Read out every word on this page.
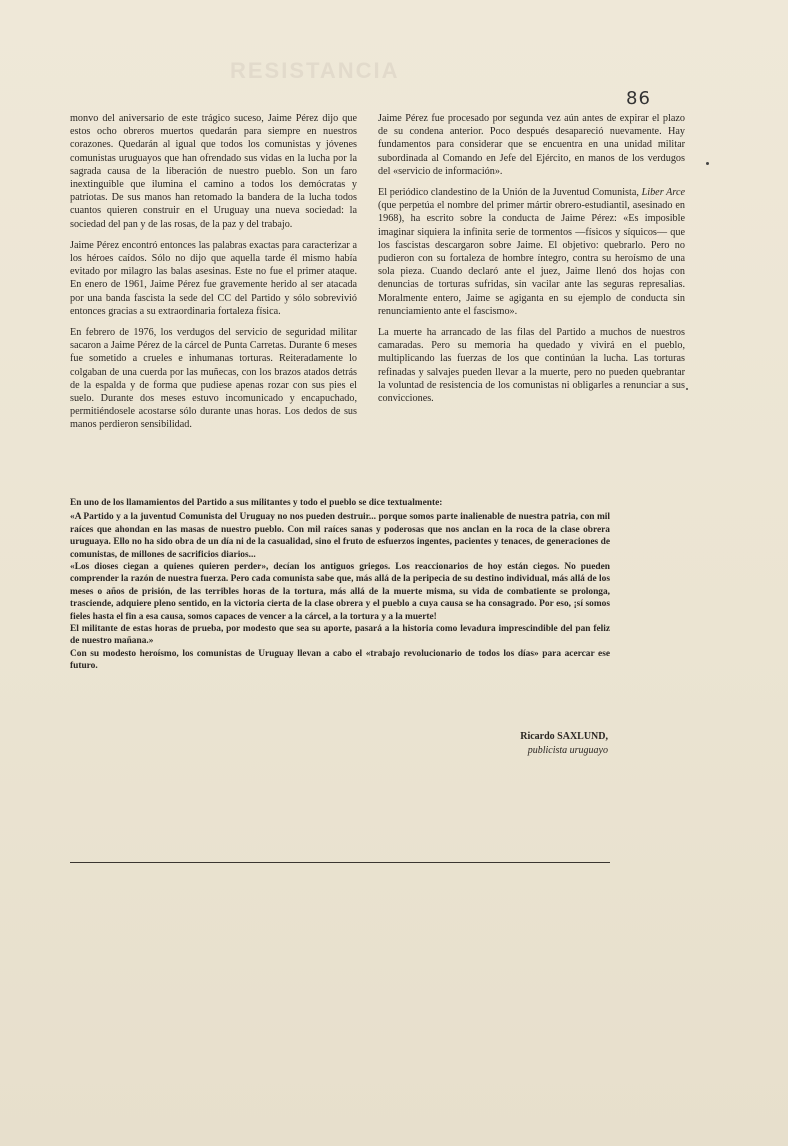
RESISTANCIA
86

monvo del aniversario de este trágico suceso, Jaime Pérez dijo que estos ocho obreros muertos quedarán para siempre en nuestros corazones. Quedarán al igual que todos los comunistas y jóvenes comunistas uruguayos que han ofrendado sus vidas en la lucha por la sagrada causa de la liberación de nuestro pueblo. Son un faro inextinguible que ilumina el camino a todos los demócratas y patriotas. De sus manos han retomado la bandera de la lucha todos cuantos quieren construir en el Uruguay una nueva sociedad: la sociedad del pan y de las rosas, de la paz y del trabajo.

Jaime Pérez encontró entonces las palabras exactas para caracterizar a los héroes caídos. Sólo no dijo que aquella tarde él mismo había evitado por milagro las balas asesinas. Este no fue el primer ataque. En enero de 1961, Jaime Pérez fue gravemente herido al ser atacada por una banda fascista la sede del CC del Partido y sólo sobrevivió entonces gracias a su extraordinaria fortaleza física.

En febrero de 1976, los verdugos del servicio de seguridad militar sacaron a Jaime Pérez de la cárcel de Punta Carretas. Durante 6 meses fue sometido a crueles e inhumanas torturas. Reiteradamente lo colgaban de una cuerda por las muñecas, con los brazos atados detrás de la espalda y de forma que pudiese apenas rozar con sus pies el suelo. Durante dos meses estuvo incomunicado y encapuchado, permitiéndosele acostarse sólo durante unas horas. Los dedos de sus manos perdieron sensibilidad.

Jaime Pérez fue procesado por segunda vez aún antes de expirar el plazo de su condena anterior. Poco después desapareció nuevamente. Hay fundamentos para considerar que se encuentra en una unidad militar subordinada al Comando en Jefe del Ejército, en manos de los verdugos del «servicio de información».

El periódico clandestino de la Unión de la Juventud Comunista, Liber Arce (que perpetúa el nombre del primer mártir obrero-estudiantil, asesinado en 1968), ha escrito sobre la conducta de Jaime Pérez: «Es imposible imaginar siquiera la infinita serie de tormentos —físicos y síquicos— que los fascistas descargaron sobre Jaime. El objetivo: quebrarlo. Pero no pudieron con su fortaleza de hombre íntegro, contra su heroísmo de una sola pieza. Cuando declaró ante el juez, Jaime llenó dos hojas con denuncias de torturas sufridas, sin vacilar ante las seguras represalias. Moralmente entero, Jaime se agiganta en su ejemplo de conducta sin renunciamiento ante el fascismo».

La muerte ha arrancado de las filas del Partido a muchos de nuestros camaradas. Pero su memoria ha quedado y vivirá en el pueblo, multiplicando las fuerzas de los que continúan la lucha. Las torturas refinadas y salvajes pueden llevar a la muerte, pero no pueden quebrantar la voluntad de resistencia de los comunistas ni obligarles a renunciar a sus convicciones.

En uno de los llamamientos del Partido a sus militantes y todo el pueblo se dice textualmente:

«A Partido y a la juventud Comunista del Uruguay no nos pueden destruir... porque somos parte inalienable de nuestra patria, con mil raíces que ahondan en las masas de nuestro pueblo. Con mil raíces sanas y poderosas que nos anclan en la roca de la clase obrera uruguaya. Ello no ha sido obra de un día ni de la casualidad, sino el fruto de esfuerzos ingentes, pacientes y tenaces, de generaciones de comunistas, de millones de sacrificios diarios...

«Los dioses ciegan a quienes quieren perder», decían los antiguos griegos. Los reaccionarios de hoy están ciegos. No pueden comprender la razón de nuestra fuerza. Pero cada comunista sabe que, más allá de la peripecia de su destino individual, más allá de los meses o años de prisión, de las terribles horas de la tortura, más allá de la muerte misma, su vida de combatiente se prolonga, trasciende, adquiere pleno sentido, en la victoria cierta de la clase obrera y el pueblo a cuya causa se ha consagrado. Por eso, ¡sí somos fieles hasta el fin a esa causa, somos capaces de vencer a la cárcel, a la tortura y a la muerte!

El militante de estas horas de prueba, por modesto que sea su aporte, pasará a la historia como levadura imprescindible del pan feliz de nuestro mañana.»

Con su modesto heroísmo, los comunistas de Uruguay llevan a cabo el «trabajo revolucionario de todos los días» para acercar ese futuro.

Ricardo SAXLUND,
publicista uruguayo
